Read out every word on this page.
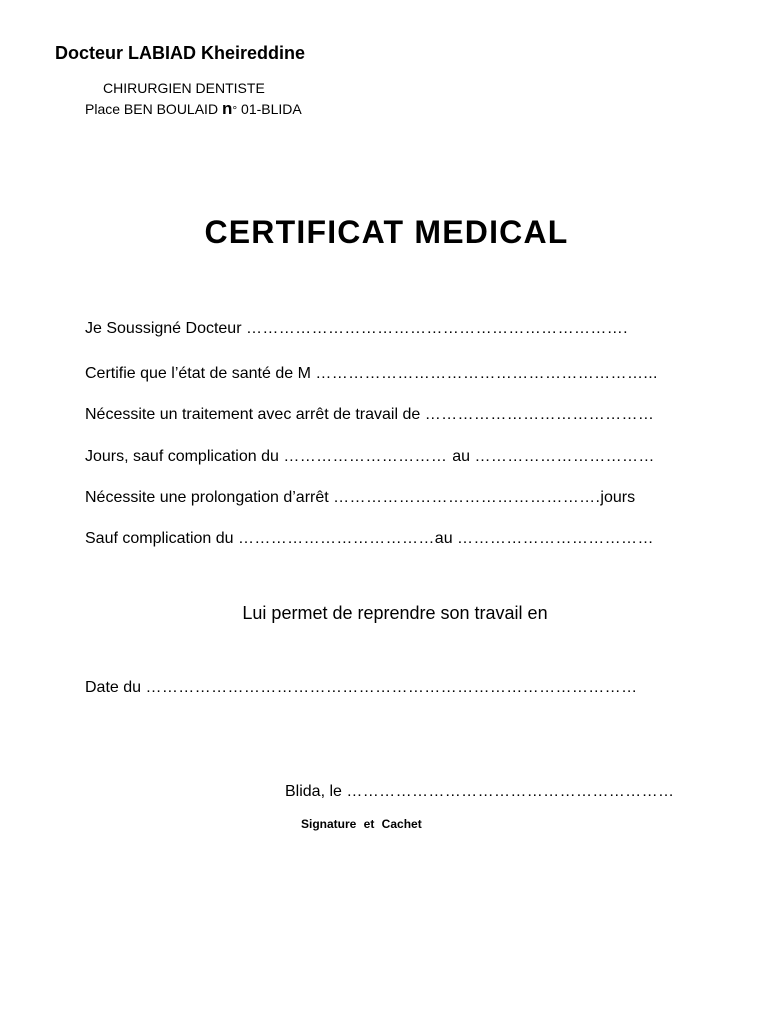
Docteur LABIAD Kheireddine
CHIRURGIEN DENTISTE
Place BEN BOULAID n° 01-BLIDA
CERTIFICAT MEDICAL
Je Soussigné Docteur …………………………………………………………….
Certifie que l’état de santé de M ……………………………………………………...
Nécessite un traitement avec arrêt de travail de ……………………………………
Jours, sauf complication du ………………………… au ……………………………
Nécessite une prolongation d’arrêt ………………………………………….jours
Sauf complication du ………………………………au ………………………………
Lui permet de reprendre son travail en
Date du ………………………………………………………………………………
Blida, le ……………………………………………………
Signature et Cachet
